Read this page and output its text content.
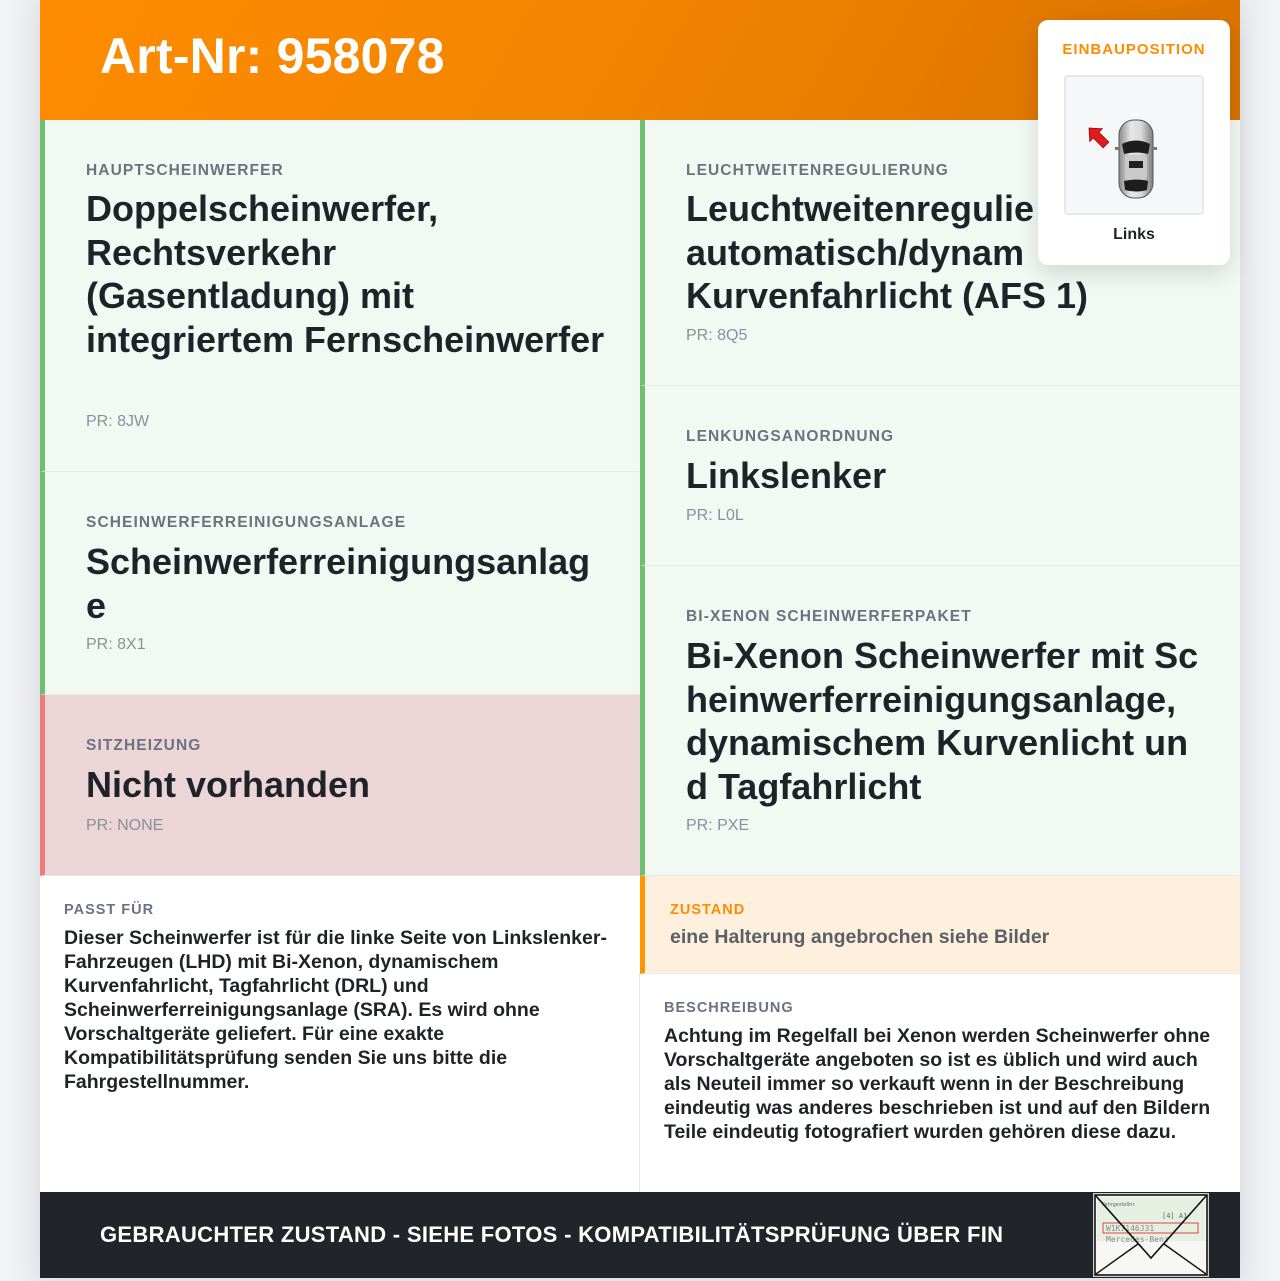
Art-Nr: 958078	EINBAUPOSITION
Links
HAUPTSCHEINWERFER
Doppelscheinwerfer, Rechtsverkehr (Gasentladung) mit integriertem Fernscheinwerfer
PR: 8JW
SCHEINWERFERREINIGUNGSANLAGE
Scheinwerferreinigungsanlage
PR: 8X1
SITZHEIZUNG
Nicht vorhanden
PR: NONE
LEUCHTWEITENREGULIERUNG
Leuchtweitenregulie
automatisch/dynam
Kurvenfahrlicht (AFS 1)
PR: 8Q5
LENKUNGSANORDNUNG
Linkslenker
PR: L0L
BI-XENON SCHEINWERFERPAKET
Bi-Xenon Scheinwerfer mit Scheinwerferreinigungsanlage, dynamischem Kurvenlicht und Tagfahrlicht
PR: PXE
PASST FÜR
Dieser Scheinwerfer ist für die linke Seite von Linkslenker-Fahrzeugen (LHD) mit Bi-Xenon, dynamischem Kurvenfahrlicht, Tagfahrlicht (DRL) und Scheinwerferreinigungsanlage (SRA). Es wird ohne Vorschaltgeräte geliefert. Für eine exakte Kompatibilitätsprüfung senden Sie uns bitte die Fahrgestellnummer.
ZUSTAND
eine Halterung angebrochen siehe Bilder
BESCHREIBUNG
Achtung im Regelfall bei Xenon werden Scheinwerfer ohne Vorschaltgeräte angeboten so ist es üblich und wird auch als Neuteil immer so verkauft wenn in der Beschreibung eindeutig was anderes beschrieben ist und auf den Bildern Teile eindeutig fotografiert wurden gehören diese dazu.
GEBRAUCHTER ZUSTAND - SIEHE FOTOS - KOMPATIBILITÄTSPRÜFUNG ÜBER FIN
Fahrgestellnr.
[4] A1
W1K7146J31
Mercedes-Benz
